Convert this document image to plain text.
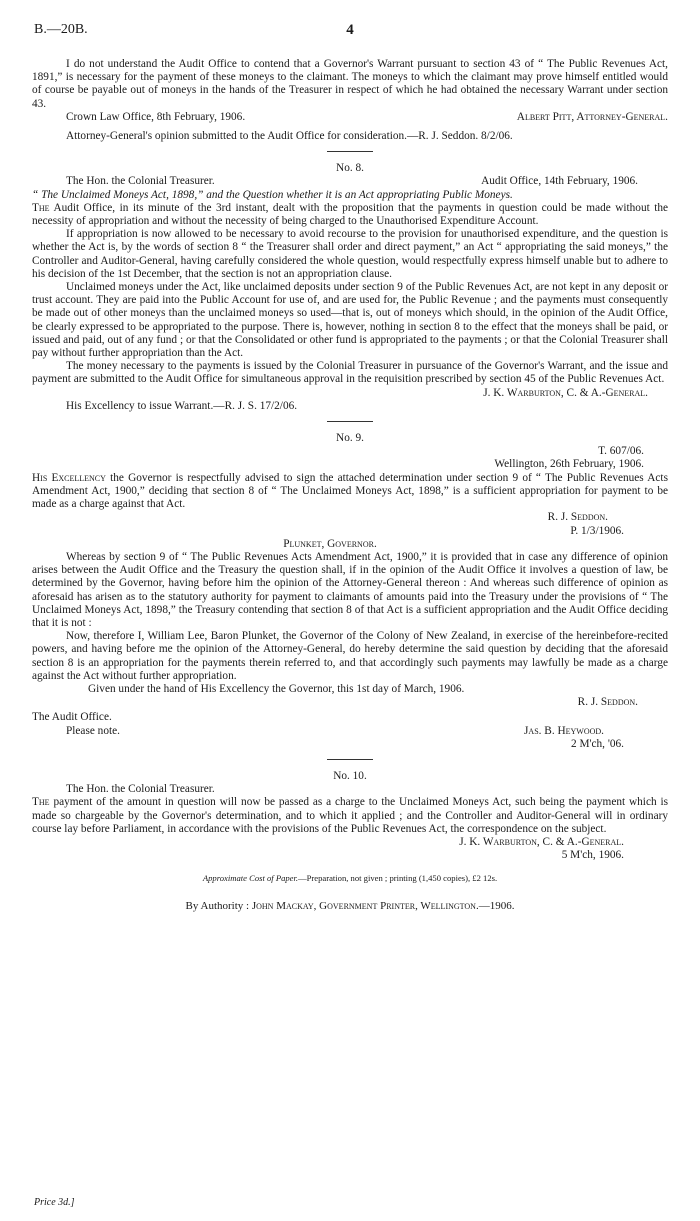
B.—20B.	4

I do not understand the Audit Office to contend that a Governor's Warrant pursuant to section 43 of “ The Public Revenues Act, 1891,” is necessary for the payment of these moneys to the claimant. The moneys to which the claimant may prove himself entitled would of course be payable out of moneys in the hands of the Treasurer in respect of which he had obtained the necessary Warrant under section 43.

Crown Law Office, 8th February, 1906.	Albert Pitt, Attorney-General.

Attorney-General's opinion submitted to the Audit Office for consideration.—R. J. Seddon. 8/2/06.

No. 8.
The Hon. the Colonial Treasurer.	Audit Office, 14th February, 1906.

“ The Unclaimed Moneys Act, 1898,” and the Question whether it is an Act appropriating Public Moneys.

The Audit Office, in its minute of the 3rd instant, dealt with the proposition that the payments in question could be made without the necessity of appropriation and without the necessity of being charged to the Unauthorised Expenditure Account.

If appropriation is now allowed to be necessary to avoid recourse to the provision for unauthorised expenditure, and the question is whether the Act is, by the words of section 8 “ the Treasurer shall order and direct payment,” an Act “ appropriating the said moneys,” the Controller and Auditor-General, having carefully considered the whole question, would respectfully express himself unable but to adhere to his decision of the 1st December, that the section is not an appropriation clause.

Unclaimed moneys under the Act, like unclaimed deposits under section 9 of the Public Revenues Act, are not kept in any deposit or trust account. They are paid into the Public Account for use of, and are used for, the Public Revenue ; and the payments must consequently be made out of other moneys than the unclaimed moneys so used—that is, out of moneys which should, in the opinion of the Audit Office, be clearly expressed to be appropriated to the purpose. There is, however, nothing in section 8 to the effect that the moneys shall be paid, or issued and paid, out of any fund ; or that the Consolidated or other fund is appropriated to the payments ; or that the Colonial Treasurer shall pay without further appropriation than the Act.

The money necessary to the payments is issued by the Colonial Treasurer in pursuance of the Governor's Warrant, and the issue and payment are submitted to the Audit Office for simultaneous approval in the requisition prescribed by section 45 of the Public Revenues Act.

J. K. Warburton, C. & A.-General.

His Excellency to issue Warrant.—R. J. S. 17/2/06.

No. 9.
T. 607/06.
Wellington, 26th February, 1906.

His Excellency the Governor is respectfully advised to sign the attached determination under section 9 of “ The Public Revenues Acts Amendment Act, 1900,” deciding that section 8 of “ The Unclaimed Moneys Act, 1898,” is a sufficient appropriation for payment to be made as a charge against that Act.

R. J. Seddon.
P. 1/3/1906.
Plunket, Governor.

Whereas by section 9 of “ The Public Revenues Acts Amendment Act, 1900,” it is provided that in case any difference of opinion arises between the Audit Office and the Treasury the question shall, if in the opinion of the Audit Office it involves a question of law, be determined by the Governor, having before him the opinion of the Attorney-General thereon : And whereas such difference of opinion as aforesaid has arisen as to the statutory authority for payment to claimants of amounts paid into the Treasury under the provisions of “ The Unclaimed Moneys Act, 1898,” the Treasury contending that section 8 of that Act is a sufficient appropriation and the Audit Office deciding that it is not :

Now, therefore I, William Lee, Baron Plunket, the Governor of the Colony of New Zealand, in exercise of the hereinbefore-recited powers, and having before me the opinion of the Attorney-General, do hereby determine the said question by deciding that the aforesaid section 8 is an appropriation for the payments therein referred to, and that accordingly such payments may lawfully be made as a charge against the Act without further appropriation.

Given under the hand of His Excellency the Governor, this 1st day of March, 1906.

R. J. Seddon.
The Audit Office.
Please note.	Jas. B. Heywood.
2 M'ch, '06.
No. 10.
The Hon. the Colonial Treasurer.

The payment of the amount in question will now be passed as a charge to the Unclaimed Moneys Act, such being the payment which is made so chargeable by the Governor's determination, and to which it applied ; and the Controller and Auditor-General will in ordinary course lay before Parliament, in accordance with the provisions of the Public Revenues Act, the correspondence on the subject.

J. K. Warburton, C. & A.-General.
5 M'ch, 1906.
Approximate Cost of Paper.—Preparation, not given ; printing (1,450 copies), £2 12s.
By Authority : John Mackay, Government Printer, Wellington.—1906.
Price 3d.]
